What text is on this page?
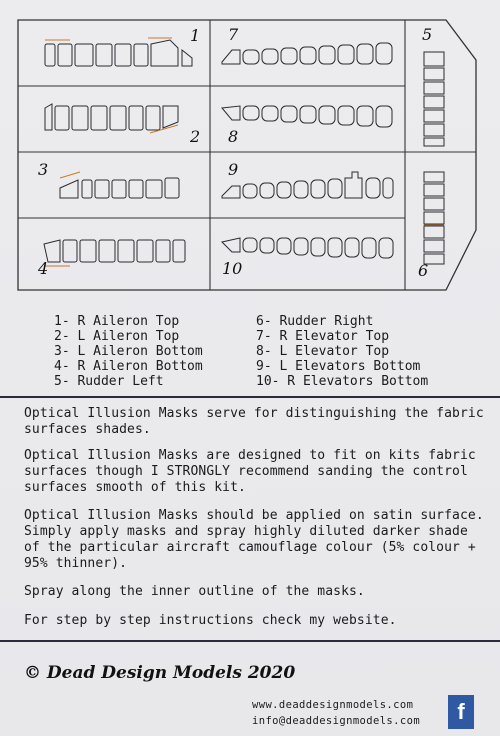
1
2
3
4
7
8
9
10
5
6
1- R Aileron Top
2- L Aileron Top
3- L Aileron Bottom
4- R Aileron Bottom
5- Rudder Left
6- Rudder Right
7- R Elevator Top
8- L Elevator Top
9- L Elevators Bottom
10- R Elevators Bottom
Optical Illusion Masks serve for distinguishing the fabric surfaces shades.
Optical Illusion Masks are designed to fit on kits fabric surfaces though I STRONGLY recommend sanding the control surfaces smooth of this kit.
Optical Illusion Masks should be applied on satin surface. Simply apply masks and spray highly diluted darker shade of the particular aircraft camouflage colour (5% colour + 95% thinner).
Spray along the inner outline of the masks.
For step by step instructions check my website.
© Dead Design Models 2020
www.deaddesignmodels.com
info@deaddesignmodels.com	f
